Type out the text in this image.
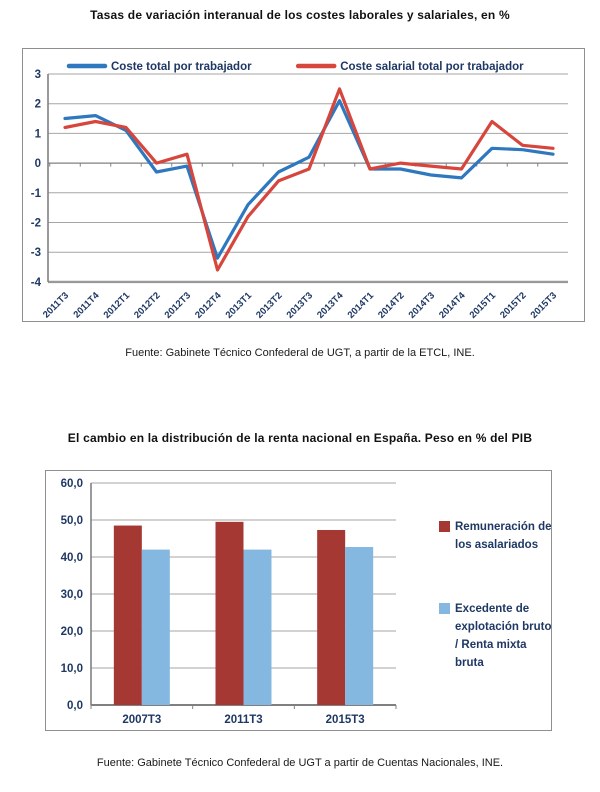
Tasas de variación interanual de los costes laborales y salariales, en %
3
2
1
0
-1
-2
-3
-4
2011T3 2011T4 2012T1 2012T2 2012T3 2012T4 2013T1 2013T2 2013T3 2013T4 2014T1 2014T2 2014T3 2014T4 2015T1 2015T2 2015T3
Coste total por trabajador	Coste salarial total por trabajador
Fuente: Gabinete Técnico Confederal de UGT, a partir de la ETCL, INE.
El cambio en la distribución de la renta nacional en España. Peso en % del PIB
0,0
10,0
20,0
30,0
40,0
50,0
60,0
2007T3	2011T3	2015T3
Remuneración de
los asalariados
Excedente de
explotación bruto
/ Renta mixta
bruta
Fuente: Gabinete Técnico Confederal de UGT a partir de Cuentas Nacionales, INE.
